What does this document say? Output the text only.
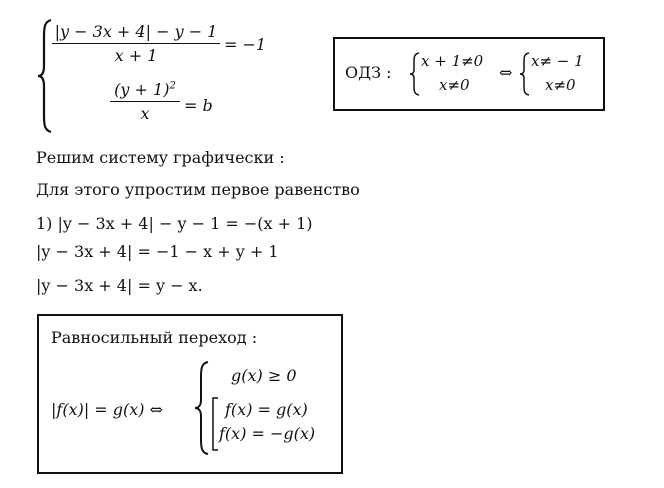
|y − 3x + 4| − y − 1
x + 1
= −1
$(y + 1)^2$
x	= b
ОДЗ :
x + 1≠0
x≠0
⇔
x≠ − 1
x≠0
Решим систему графически :
Для этого упростим первое равенство
1) |y − 3x + 4| − y − 1 = −(x + 1)
|y − 3x + 4| = −1 − x + y + 1
|y − 3x + 4| = y − x.
Равносильный переход :
|f(x)| = g(x) ⇔
g(x) ≥ 0
f(x) = g(x)
f(x) = −g(x)
